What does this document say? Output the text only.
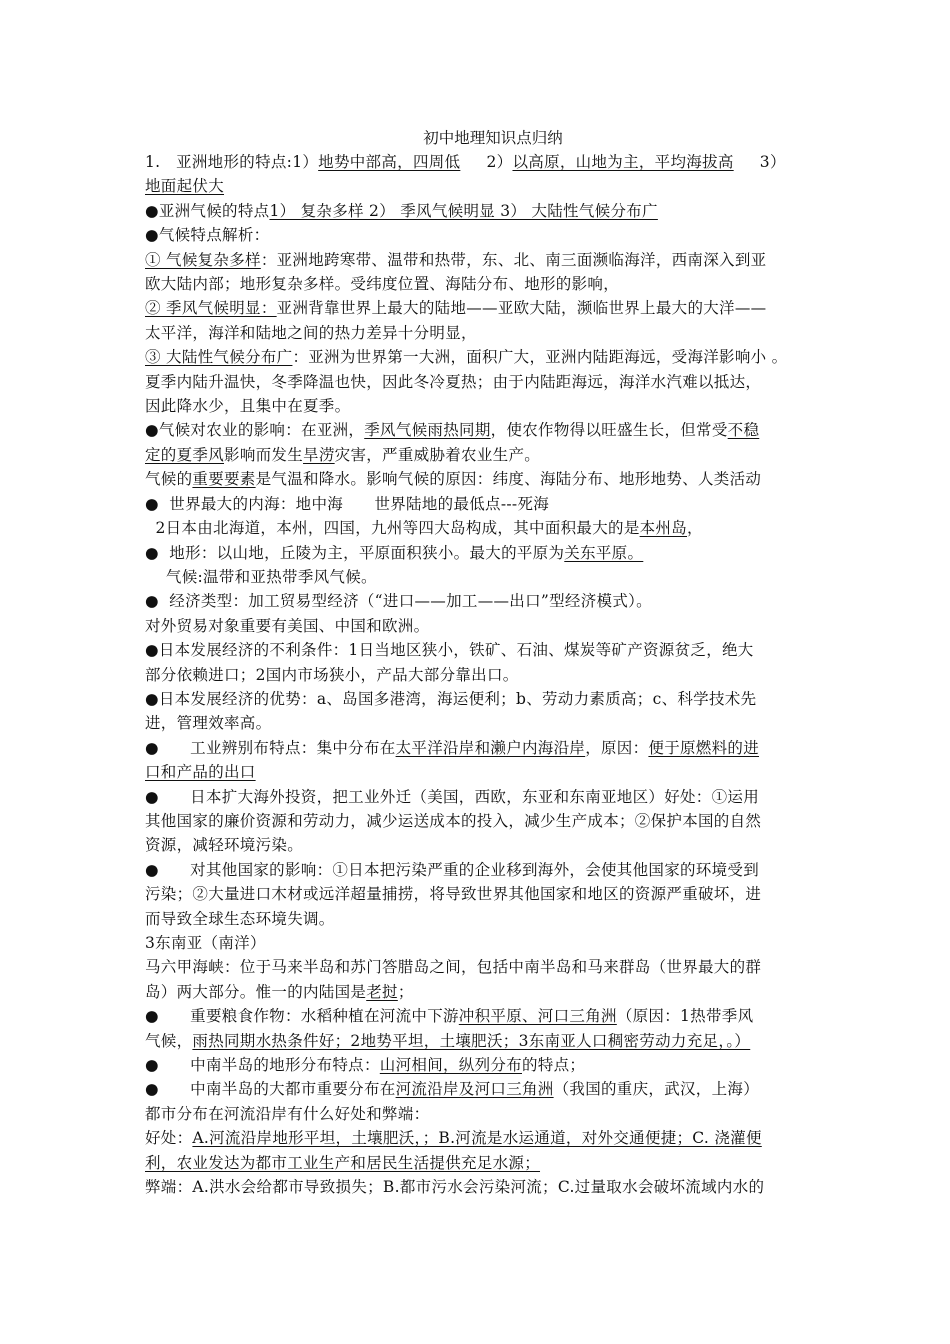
初中地理知识点归纳
1.   亚洲地形的特点:1）地势中部高，四周低     2）以高原，山地为主，平均海拔高     3）
地面起伏大
●亚洲气候的特点1） 复杂多样 2） 季风气候明显 3） 大陆性气候分布广
●气候特点解析：
① 气候复杂多样：亚洲地跨寒带、温带和热带，东、北、南三面濒临海洋，西南深入到亚
欧大陆内部；地形复杂多样。受纬度位置、海陆分布、地形的影响，
② 季风气候明显：亚洲背靠世界上最大的陆地——亚欧大陆，濒临世界上最大的大洋——
太平洋，海洋和陆地之间的热力差异十分明显，
③ 大陆性气候分布广：亚洲为世界第一大洲，面积广大，亚洲内陆距海远，受海洋影响小 。
夏季内陆升温快，冬季降温也快，因此冬冷夏热；由于内陆距海远，海洋水汽难以抵达，
因此降水少，且集中在夏季。
●气候对农业的影响：在亚洲，季风气候雨热同期，使农作物得以旺盛生长，但常受不稳
定的夏季风影响而发生旱涝灾害，严重威胁着农业生产。
气候的重要要素是气温和降水。影响气候的原因：纬度、海陆分布、地形地势、人类活动
●  世界最大的内海：地中海      世界陆地的最低点---死海
2日本由北海道，本州，四国，九州等四大岛构成，其中面积最大的是本州岛，
●  地形：以山地，丘陵为主，平原面积狭小。最大的平原为关东平原。
气候:温带和亚热带季风气候。
●  经济类型：加工贸易型经济（“进口——加工——出口”型经济模式）。
对外贸易对象重要有美国、中国和欧洲。
●日本发展经济的不利条件：1日当地区狭小，铁矿、石油、煤炭等矿产资源贫乏，绝大
部分依赖进口；2国内市场狭小，产品大部分靠出口。
●日本发展经济的优势：a、岛国多港湾，海运便利；b、劳动力素质高；c、科学技术先
进，管理效率高。
●      工业辨别布特点：集中分布在太平洋沿岸和濑户内海沿岸，原因：便于原燃料的进
口和产品的出口
●      日本扩大海外投资，把工业外迁（美国，西欧，东亚和东南亚地区）好处：①运用
其他国家的廉价资源和劳动力，减少运送成本的投入，减少生产成本；②保护本国的自然
资源，减轻环境污染。
●      对其他国家的影响：①日本把污染严重的企业移到海外，会使其他国家的环境受到
污染；②大量进口木材或远洋超量捕捞，将导致世界其他国家和地区的资源严重破坏，进
而导致全球生态环境失调。
3东南亚（南洋）
马六甲海峡：位于马来半岛和苏门答腊岛之间，包括中南半岛和马来群岛（世界最大的群
岛）两大部分。惟一的内陆国是老挝；
●      重要粮食作物：水稻种植在河流中下游冲积平原、河口三角洲（原因：1热带季风
气候，雨热同期水热条件好；2地势平坦，土壤肥沃；3东南亚人口稠密劳动力充足，。）
●      中南半岛的地形分布特点：山河相间，纵列分布的特点；
●      中南半岛的大都市重要分布在河流沿岸及河口三角洲（我国的重庆，武汉，上海）
都市分布在河流沿岸有什么好处和弊端：
好处：A.河流沿岸地形平坦，土壤肥沃，；B.河流是水运通道，对外交通便捷；C. 浇灌便
利，农业发达为都市工业生产和居民生活提供充足水源；
弊端：A.洪水会给都市导致损失；B.都市污水会污染河流；C.过量取水会破坏流域内水的
